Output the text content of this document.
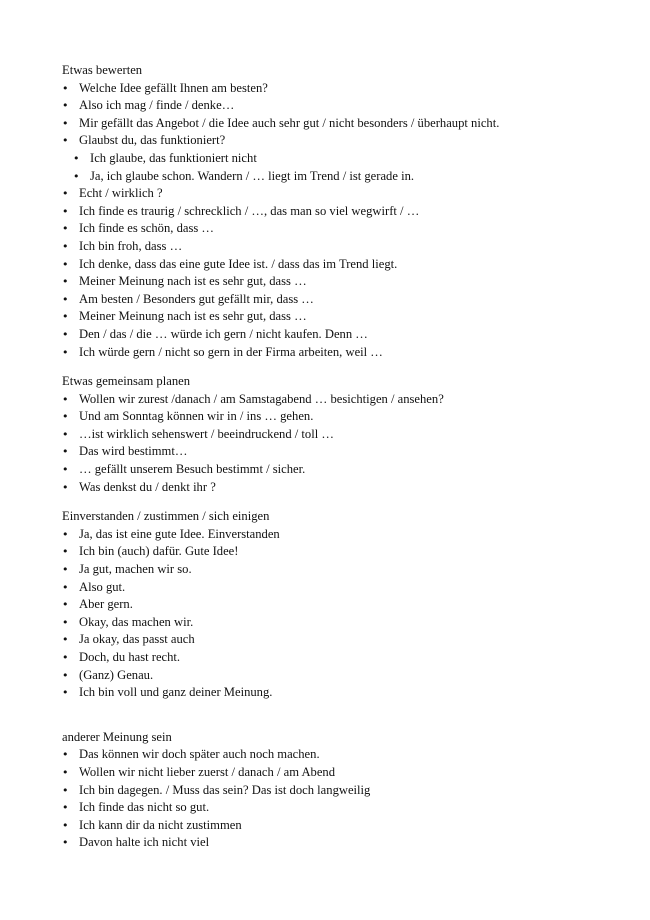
Etwas bewerten
• Welche Idee gefällt Ihnen am besten?
• Also ich mag / finde / denke…
• Mir gefällt das Angebot / die Idee auch sehr gut / nicht besonders / überhaupt nicht.
• Glaubst du, das funktioniert?
• Ich glaube, das funktioniert nicht
• Ja, ich glaube schon. Wandern / … liegt im Trend / ist gerade in.
• Echt / wirklich ?
• Ich finde es traurig / schrecklich / …, das man so viel wegwirft / …
• Ich finde es schön, dass …
• Ich bin froh, dass …
• Ich denke, dass das eine gute Idee ist. / dass das im Trend liegt.
• Meiner Meinung nach ist es sehr gut, dass …
• Am besten / Besonders gut gefällt mir, dass …
• Meiner Meinung nach ist es sehr gut, dass …
• Den / das / die … würde ich gern / nicht kaufen. Denn …
• Ich würde gern / nicht so gern in der Firma arbeiten, weil …
Etwas gemeinsam planen
• Wollen wir zurest /danach / am Samstagabend … besichtigen / ansehen?
• Und am Sonntag können wir in / ins … gehen.
• …ist wirklich sehenswert / beeindruckend / toll …
• Das wird bestimmt…
• … gefällt unserem Besuch bestimmt / sicher.
• Was denkst du / denkt ihr ?
Einverstanden / zustimmen / sich einigen
• Ja, das ist eine gute Idee. Einverstanden
• Ich bin (auch) dafür. Gute Idee!
• Ja gut, machen wir so.
• Also gut.
• Aber gern.
• Okay, das machen wir.
• Ja okay, das passt auch
• Doch, du hast recht.
• (Ganz) Genau.
• Ich bin voll und ganz deiner Meinung.
anderer Meinung sein
• Das können wir doch später auch noch machen.
• Wollen wir nicht lieber zuerst / danach / am Abend
• Ich bin dagegen. / Muss das sein? Das ist doch langweilig
• Ich finde das nicht so gut.
• Ich kann dir da nicht zustimmen
• Davon halte ich nicht viel
